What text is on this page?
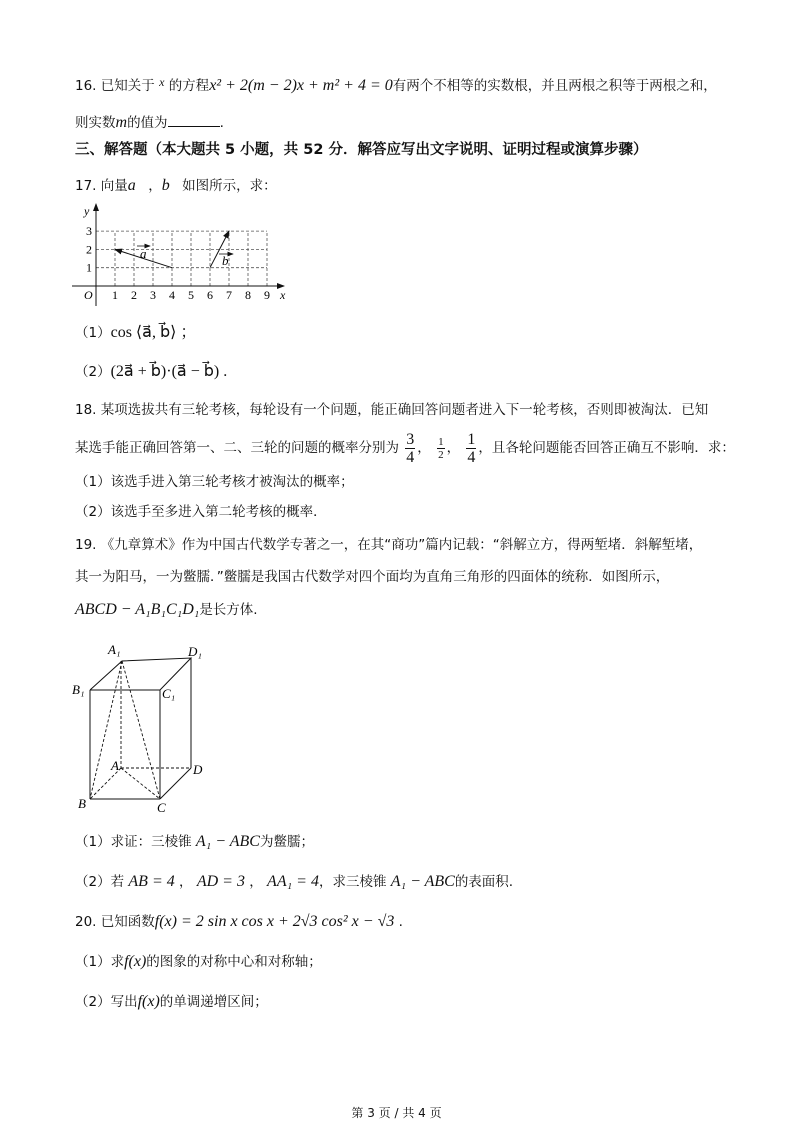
16. 已知关于 x 的方程x² + 2(m − 2)x + m² + 4 = 0有两个不相等的实数根，并且两根之积等于两根之和，
则实数m的值为	.
三、解答题（本大题共 5 小题，共 52 分．解答应写出文字说明、证明过程或演算步骤）
17. 向量a⃗，b⃗如图所示，求：
y
x
O 1 2 3 4 5 6 7 8 9
1
2
3
a	b
（1）cos ⟨a⃗, b⃗⟩ ；
（2）(2a⃗ + b⃗)·(a⃗ − b⃗) .
18. 某项选拔共有三轮考核，每轮设有一个问题，能正确回答问题者进入下一轮考核，否则即被淘汰．已知
某选手能正确回答第一、二、三轮的问题的概率分别为 $\frac{3}{4}$ ， $\frac{1}{2}$ ， $\frac{1}{4}$ ，且各轮问题能否回答正确互不影响．求：
（1）该选手进入第三轮考核才被淘汰的概率；
（2）该选手至多进入第二轮考核的概率．
19. 《九章算术》作为中国古代数学专著之一，在其“商功”篇内记载：“斜解立方，得两堑堵．斜解堑堵，
其一为阳马，一为鳖臑．”鳖臑是我国古代数学对四个面均为直角三角形的四面体的统称．如图所示，
ABCD − A₁B₁C₁D₁是长方体.
A₁	D₁
B₁	C₁
A	D
B	C
（1）求证：三棱锥 A₁ − ABC为鳖臑；
（2）若 AB = 4 ， AD = 3 ， AA₁ = 4，求三棱锥 A₁ − ABC的表面积.
20. 已知函数f(x) = 2 sin x cos x + 2√3 cos² x − √3 .
（1）求f(x)的图象的对称中心和对称轴；
（2）写出f(x)的单调递增区间；
第 3 页 / 共 4 页
